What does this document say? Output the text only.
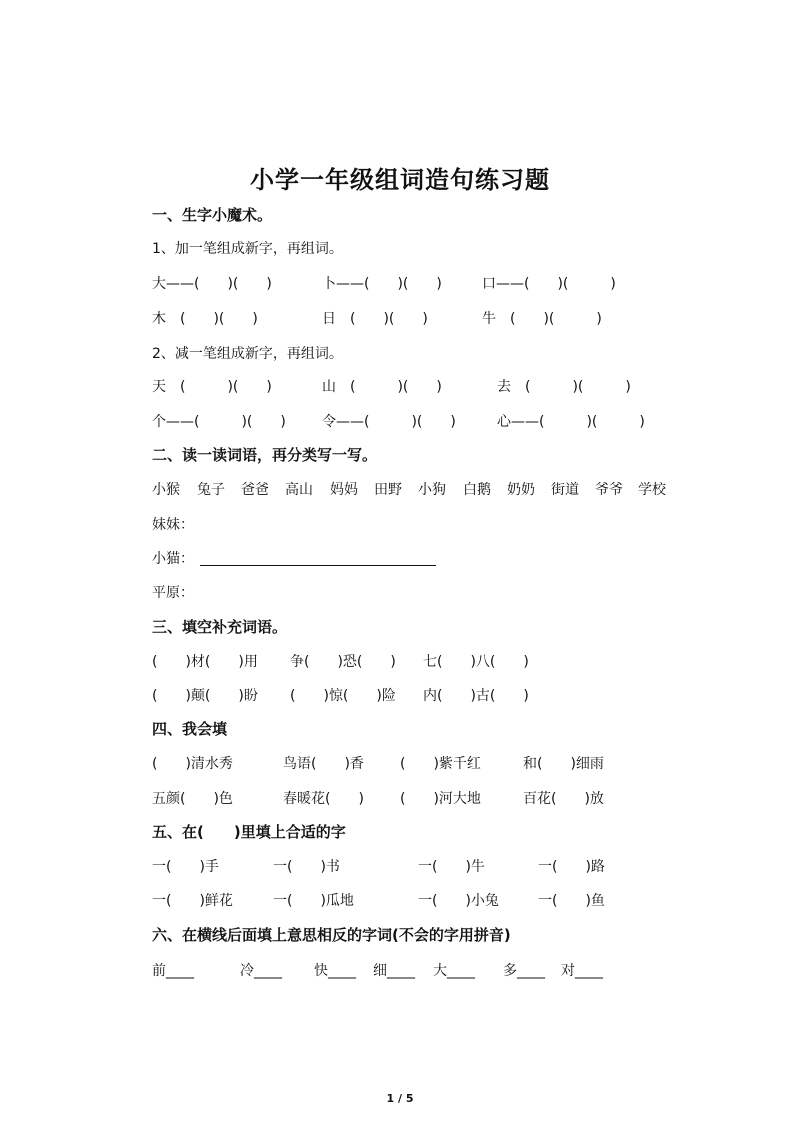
小学一年级组词造句练习题
一、生字小魔术。
1、加一笔组成新字，再组词。
大——(　　)(　　)	卜——(　　)(　　)	口——(　　)(　　　)
木　(　　)(　　)	日　(　　)(　　)	牛　(　　)(　　　)
2、减一笔组成新字，再组词。
天　(　　　)(　　)	山　(　　　)(　　)	去　(　　　)(　　　)
个——(　　　)(　　)	令——(　　　)(　　)	心——(　　　)(　　　)
二、读一读词语，再分类写一写。
小猴 兔子 爸爸 高山 妈妈 田野 小狗 白鹅 奶奶 街道 爷爷 学校
妹妹：
小猫：
平原：
三、填空补充词语。
(　　)材(　　)用 争(　　)恐(　　) 七(　　)八(　　)
(　　)颠(　　)盼 (　　)惊(　　)险 内(　　)古(　　)
四、我会填
(　　)清水秀	鸟语(　　)香	(　　)紫千红	和(　　)细雨
五颜(　　)色	春暖花(　　)	(　　)河大地	百花(　　)放
五、在(　　)里填上合适的字
一(　　)手	一(　　)书	一(　　)牛	一(　　)路
一(　　)鲜花	一(　　)瓜地	一(　　)小兔	一(　　)鱼
六、在横线后面填上意思相反的字词(不会的字用拼音)
前____	冷____ 快____ 细____ 大____ 多____ 对____
1 / 5
